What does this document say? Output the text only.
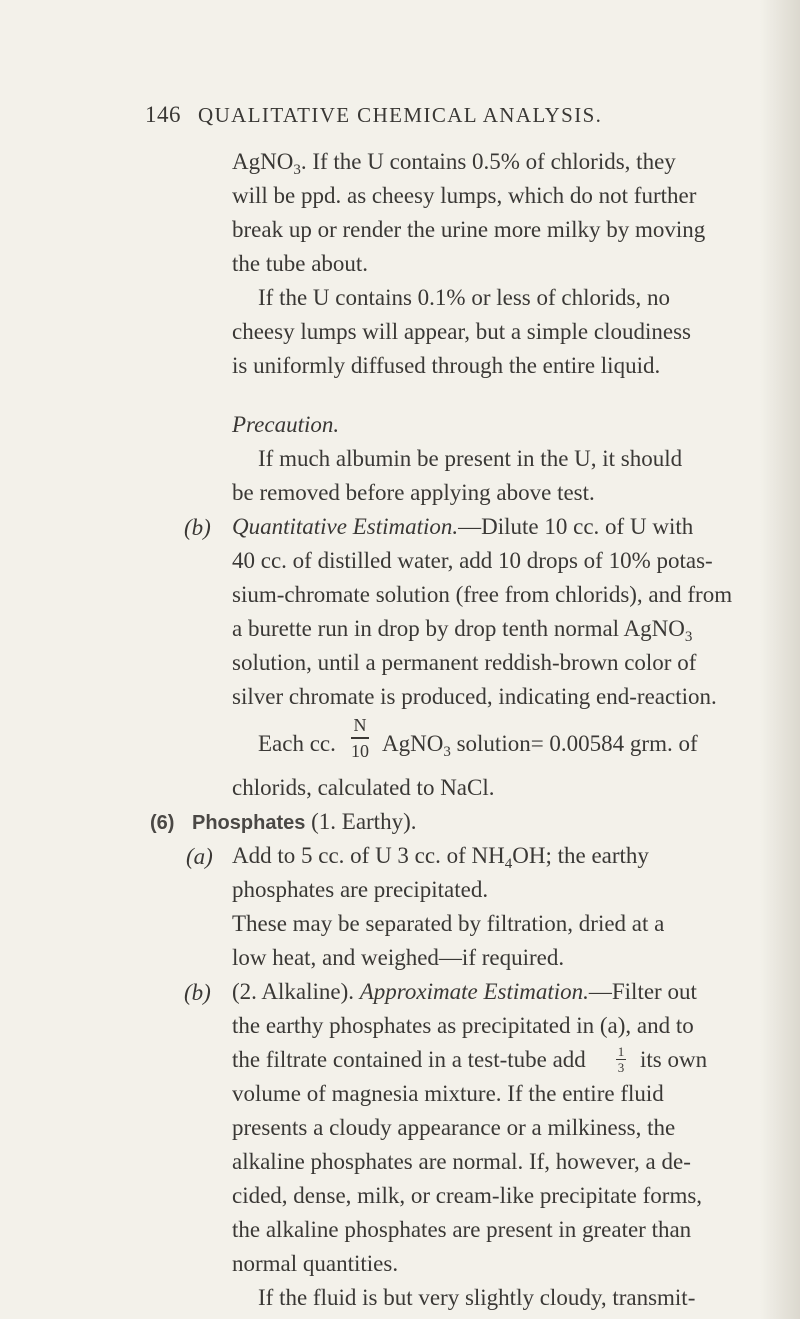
146 QUALITATIVE CHEMICAL ANALYSIS.
AgNO$_3$. If the U contains 0.5% of chlorids, they
will be ppd. as cheesy lumps, which do not further
break up or render the urine more milky by moving
the tube about.
If the U contains 0.1% or less of chlorids, no
cheesy lumps will appear, but a simple cloudiness
is uniformly diffused through the entire liquid.
Precaution.
If much albumin be present in the U, it should
be removed before applying above test.
(b) Quantitative Estimation.—Dilute 10 cc. of U with
40 cc. of distilled water, add 10 drops of 10% potas-
sium-chromate solution (free from chlorids), and from
a burette run in drop by drop tenth normal AgNO$_3$
solution, until a permanent reddish-brown color of
silver chromate is produced, indicating end-reaction.
Each cc.
N
10 AgNO$_3$ solution= 0.00584 grm. of
chlorids, calculated to NaCl.
(6) Phosphates (1. Earthy).
(a) Add to 5 cc. of U 3 cc. of $NH_4OH$; the earthy
phosphates are precipitated.
These may be separated by filtration, dried at a
low heat, and weighed—if required.
(b) (2. Alkaline). Approximate Estimation.—Filter out
the earthy phosphates as precipitated in (a), and to
the filtrate contained in a test-tube add 1
3 its own
volume of magnesia mixture. If the entire fluid
presents a cloudy appearance or a milkiness, the
alkaline phosphates are normal. If, however, a de-
cided, dense, milk, or cream-like precipitate forms,
the alkaline phosphates are present in greater than
normal quantities.
If the fluid is but very slightly cloudy, transmit-
